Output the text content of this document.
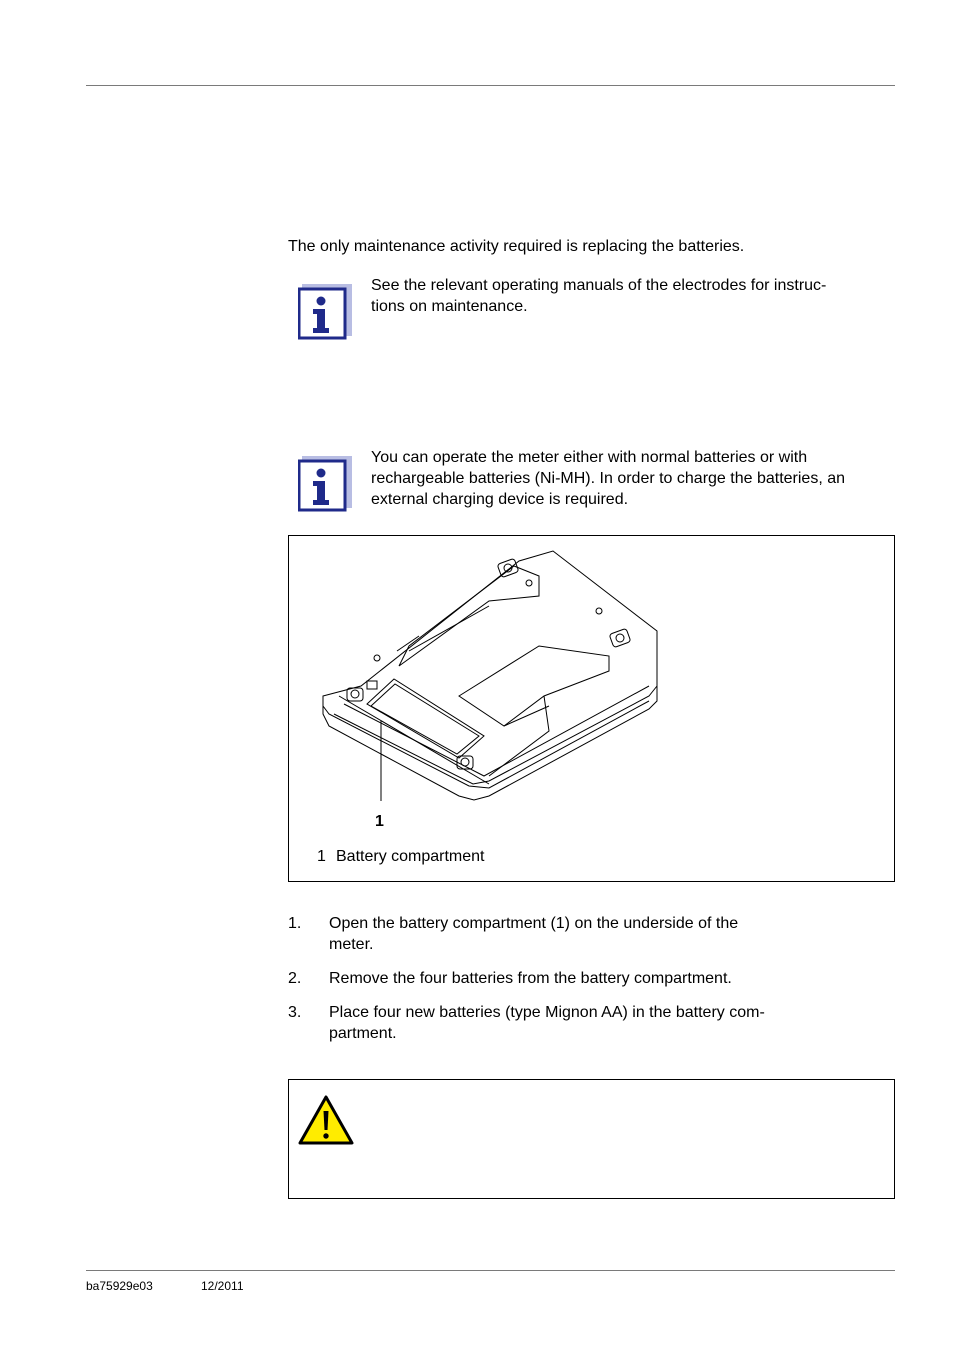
The only maintenance activity required is replacing the batteries.
See the relevant operating manuals of the electrodes for instruc-
tions on maintenance.
You can operate the meter either with normal batteries or with
rechargeable batteries (Ni-MH). In order to charge the batteries, an
external charging device is required.
1
1 Battery compartment
1. Open the battery compartment (1) on the underside of the
meter.
2. Remove the four batteries from the battery compartment.
3. Place four new batteries (type Mignon AA) in the battery com-
partment.
ba75929e03	12/2011
